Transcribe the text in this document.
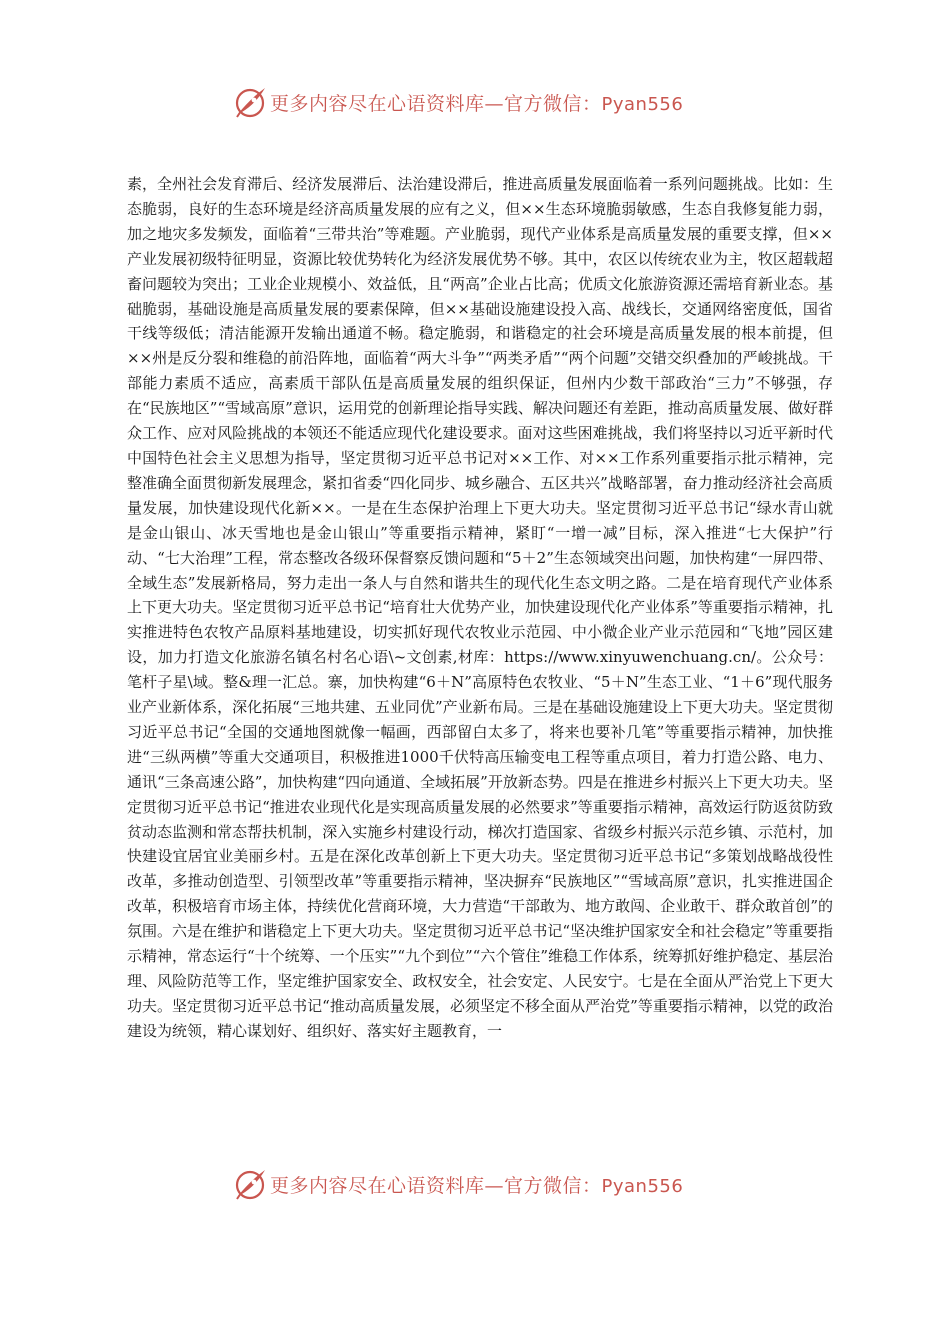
更多内容尽在心语资料库—官方微信：Pyan556

素，全州社会发育滞后、经济发展滞后、法治建设滞后，推进高质量发展面临着一系列问题挑战。比如：生态脆弱，良好的生态环境是经济高质量发展的应有之义，但××生态环境脆弱敏感，生态自我修复能力弱，加之地灾多发频发，面临着“三带共治”等难题。产业脆弱，现代产业体系是高质量发展的重要支撑，但××产业发展初级特征明显，资源比较优势转化为经济发展优势不够。其中，农区以传统农业为主，牧区超载超畜问题较为突出；工业企业规模小、效益低，且“两高”企业占比高；优质文化旅游资源还需培育新业态。基础脆弱，基础设施是高质量发展的要素保障，但××基础设施建设投入高、战线长，交通网络密度低，国省干线等级低；清洁能源开发输出通道不畅。稳定脆弱，和谐稳定的社会环境是高质量发展的根本前提，但××州是反分裂和维稳的前沿阵地，面临着“两大斗争”“两类矛盾”“两个问题”交错交织叠加的严峻挑战。干部能力素质不适应，高素质干部队伍是高质量发展的组织保证，但州内少数干部政治“三力”不够强，存在“民族地区”“雪域高原”意识，运用党的创新理论指导实践、解决问题还有差距，推动高质量发展、做好群众工作、应对风险挑战的本领还不能适应现代化建设要求。面对这些困难挑战，我们将坚持以习近平新时代中国特色社会主义思想为指导，坚定贯彻习近平总书记对××工作、对××工作系列重要指示批示精神，完整准确全面贯彻新发展理念，紧扣省委“四化同步、城乡融合、五区共兴”战略部署，奋力推动经济社会高质量发展，加快建设现代化新××。一是在生态保护治理上下更大功夫。坚定贯彻习近平总书记“绿水青山就是金山银山、冰天雪地也是金山银山”等重要指示精神，紧盯“一增一减”目标，深入推进“七大保护”行动、“七大治理”工程，常态整改各级环保督察反馈问题和“5＋2”生态领域突出问题，加快构建“一屏四带、全域生态”发展新格局，努力走出一条人与自然和谐共生的现代化生态文明之路。二是在培育现代产业体系上下更大功夫。坚定贯彻习近平总书记“培育壮大优势产业，加快建设现代化产业体系”等重要指示精神，扎实推进特色农牧产品原料基地建设，切实抓好现代农牧业示范园、中小微企业产业示范园和“飞地”园区建设，加力打造文化旅游名镇名村名心语\~文创素,材库：https://www.xinyuwenchuang.cn/。公众号：笔杆子星\域。整&理一汇总。寨，加快构建“6＋N”高原特色农牧业、“5＋N”生态工业、“1＋6”现代服务业产业新体系，深化拓展“三地共建、五业同优”产业新布局。三是在基础设施建设上下更大功夫。坚定贯彻习近平总书记“全国的交通地图就像一幅画，西部留白太多了，将来也要补几笔”等重要指示精神，加快推进“三纵两横”等重大交通项目，积极推进1000千伏特高压输变电工程等重点项目，着力打造公路、电力、通讯“三条高速公路”，加快构建“四向通道、全域拓展”开放新态势。四是在推进乡村振兴上下更大功夫。坚定贯彻习近平总书记“推进农业现代化是实现高质量发展的必然要求”等重要指示精神，高效运行防返贫防致贫动态监测和常态帮扶机制，深入实施乡村建设行动，梯次打造国家、省级乡村振兴示范乡镇、示范村，加快建设宜居宜业美丽乡村。五是在深化改革创新上下更大功夫。坚定贯彻习近平总书记“多策划战略战役性改革，多推动创造型、引领型改革”等重要指示精神，坚决摒弃“民族地区”“雪域高原”意识，扎实推进国企改革，积极培育市场主体，持续优化营商环境，大力营造“干部敢为、地方敢闯、企业敢干、群众敢首创”的氛围。六是在维护和谐稳定上下更大功夫。坚定贯彻习近平总书记“坚决维护国家安全和社会稳定”等重要指示精神，常态运行“十个统筹、一个压实”“九个到位”“六个管住”维稳工作体系，统筹抓好维护稳定、基层治理、风险防范等工作，坚定维护国家安全、政权安全，社会安定、人民安宁。七是在全面从严治党上下更大功夫。坚定贯彻习近平总书记“推动高质量发展，必须坚定不移全面从严治党”等重要指示精神，以党的政治建设为统领，精心谋划好、组织好、落实好主题教育，一

更多内容尽在心语资料库—官方微信：Pyan556
